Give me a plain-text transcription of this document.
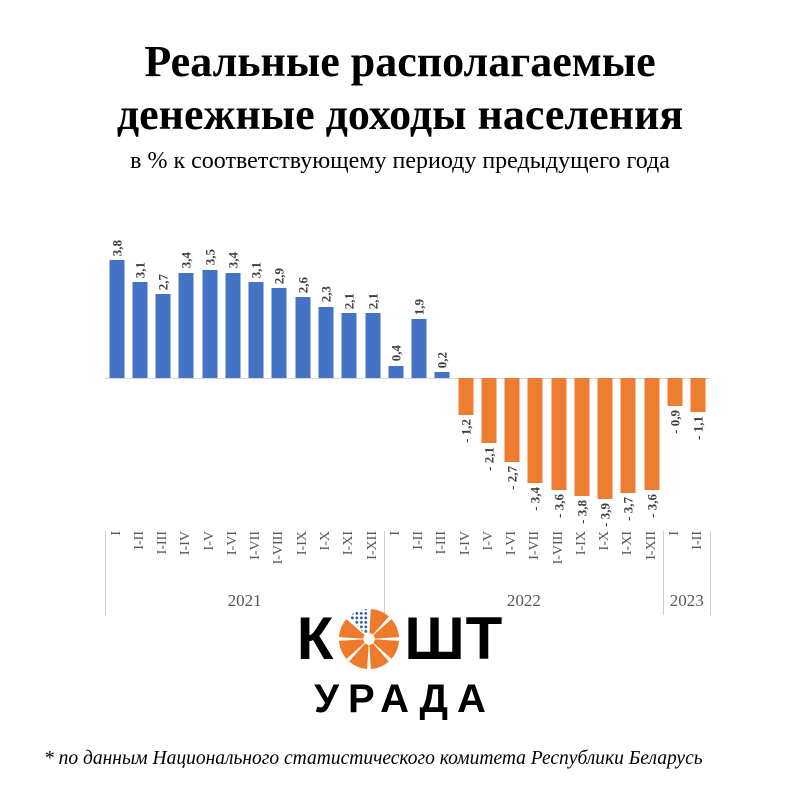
Реальные располагаемые
денежные доходы населения
в % к соответствующему периоду предыдущего года
3,8
3,1
2,7
3,4 3,5 3,4
3,1 2,9
2,6
2,3 2,1 2,1
0,4
1,9
0,2
- 1,2
- 2,1
- 2,7
- 3,4 - 3,6 - 3,8 - 3,9 - 3,7 - 3,6
- 0,9 - 1,1
I I-II I-III I-IV I-V I-VI I-VII I-VIII I-IX I-X I-XI I-XII I I-II I-III I-IV I-V I-VI I-VII I-VIII I-IX I-X I-XI I-XII I I-II
2021	2022	2023
К ШТ
УРАДА
* по данным Национального статистического комитета Республики Беларусь
